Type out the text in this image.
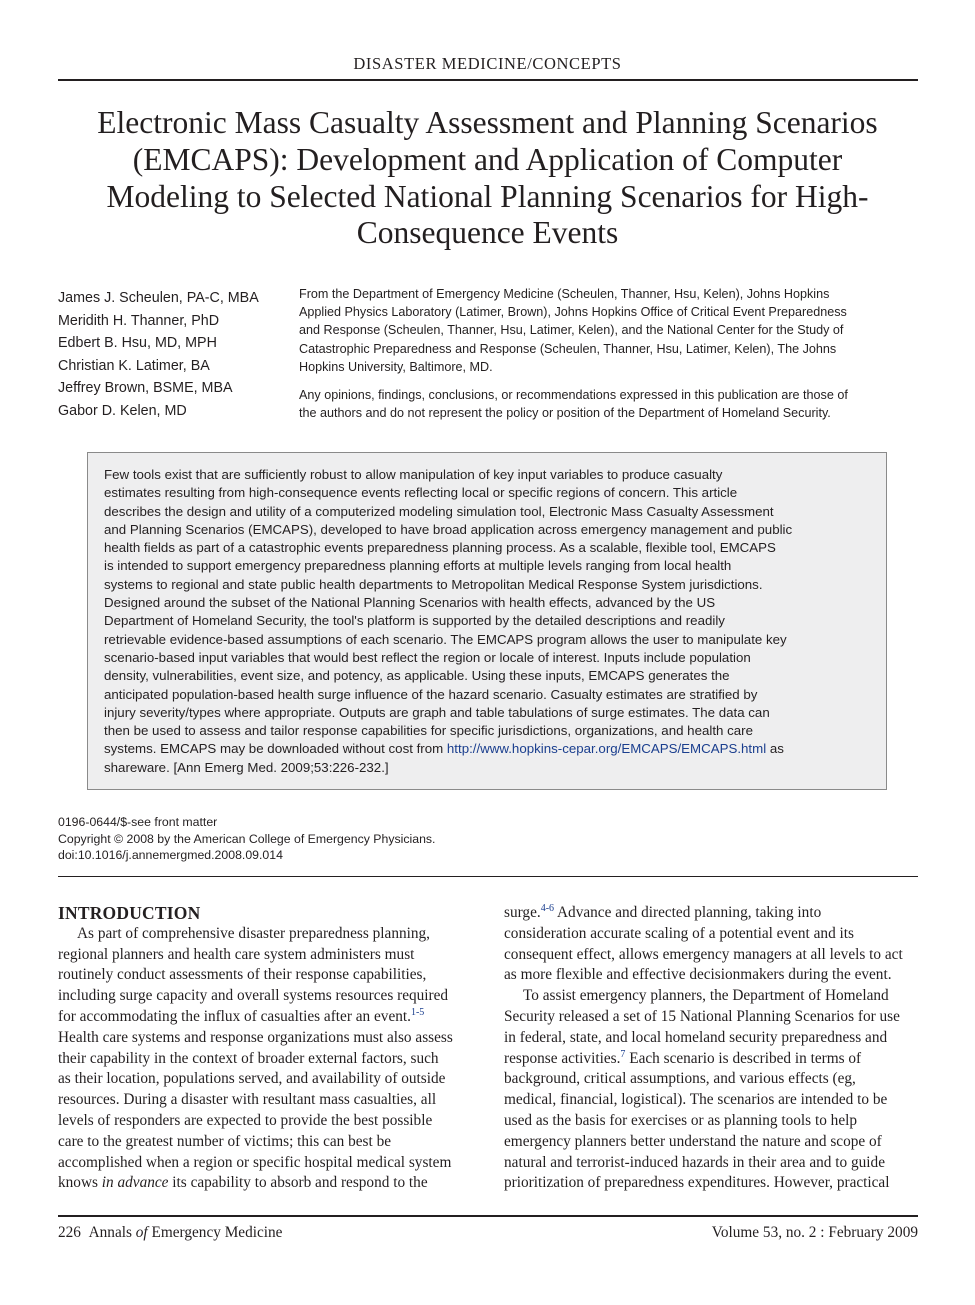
DISASTER MEDICINE/CONCEPTS
Electronic Mass Casualty Assessment and Planning Scenarios
(EMCAPS): Development and Application of Computer
Modeling to Selected National Planning Scenarios for High-
Consequence Events
James J. Scheulen, PA-C, MBA
Meridith H. Thanner, PhD
Edbert B. Hsu, MD, MPH
Christian K. Latimer, BA
Jeffrey Brown, BSME, MBA
Gabor D. Kelen, MD

From the Department of Emergency Medicine (Scheulen, Thanner, Hsu, Kelen), Johns Hopkins

Applied Physics Laboratory (Latimer, Brown), Johns Hopkins Office of Critical Event Preparedness

and Response (Scheulen, Thanner, Hsu, Latimer, Kelen), and the National Center for the Study of

Catastrophic Preparedness and Response (Scheulen, Thanner, Hsu, Latimer, Kelen), The Johns

Hopkins University, Baltimore, MD.

Any opinions, findings, conclusions, or recommendations expressed in this publication are those of

the authors and do not represent the policy or position of the Department of Homeland Security.

Few tools exist that are sufficiently robust to allow manipulation of key input variables to produce casualty
estimates resulting from high-consequence events reflecting local or specific regions of concern. This article
describes the design and utility of a computerized modeling simulation tool, Electronic Mass Casualty Assessment
and Planning Scenarios (EMCAPS), developed to have broad application across emergency management and public
health fields as part of a catastrophic events preparedness planning process. As a scalable, flexible tool, EMCAPS
is intended to support emergency preparedness planning efforts at multiple levels ranging from local health
systems to regional and state public health departments to Metropolitan Medical Response System jurisdictions.
Designed around the subset of the National Planning Scenarios with health effects, advanced by the US
Department of Homeland Security, the tool's platform is supported by the detailed descriptions and readily
retrievable evidence-based assumptions of each scenario. The EMCAPS program allows the user to manipulate key
scenario-based input variables that would best reflect the region or locale of interest. Inputs include population
density, vulnerabilities, event size, and potency, as applicable. Using these inputs, EMCAPS generates the
anticipated population-based health surge influence of the hazard scenario. Casualty estimates are stratified by
injury severity/types where appropriate. Outputs are graph and table tabulations of surge estimates. The data can
then be used to assess and tailor response capabilities for specific jurisdictions, organizations, and health care
systems. EMCAPS may be downloaded without cost from http://www.hopkins-cepar.org/EMCAPS/EMCAPS.html as
shareware. [Ann Emerg Med. 2009;53:226-232.]
0196-0644/$-see front matter
Copyright © 2008 by the American College of Emergency Physicians.
doi:10.1016/j.annemergmed.2008.09.014
INTRODUCTION
As part of comprehensive disaster preparedness planning,
regional planners and health care system administers must
routinely conduct assessments of their response capabilities,
including surge capacity and overall systems resources required
for accommodating the influx of casualties after an event.$^{1-5}$
Health care systems and response organizations must also assess
their capability in the context of broader external factors, such
as their location, populations served, and availability of outside
resources. During a disaster with resultant mass casualties, all
levels of responders are expected to provide the best possible
care to the greatest number of victims; this can best be
accomplished when a region or specific hospital medical system
knows in advance its capability to absorb and respond to the
surge.$^{4-6}$ Advance and directed planning, taking into
consideration accurate scaling of a potential event and its
consequent effect, allows emergency managers at all levels to act
as more flexible and effective decisionmakers during the event.
To assist emergency planners, the Department of Homeland
Security released a set of 15 National Planning Scenarios for use
in federal, state, and local homeland security preparedness and
response activities.$^7$ Each scenario is described in terms of
background, critical assumptions, and various effects (eg,
medical, financial, logistical). The scenarios are intended to be
used as the basis for exercises or as planning tools to help
emergency planners better understand the nature and scope of
natural and terrorist-induced hazards in their area and to guide
prioritization of preparedness expenditures. However, practical
226 Annals of Emergency Medicine	Volume 53, no. 2 : February 2009
